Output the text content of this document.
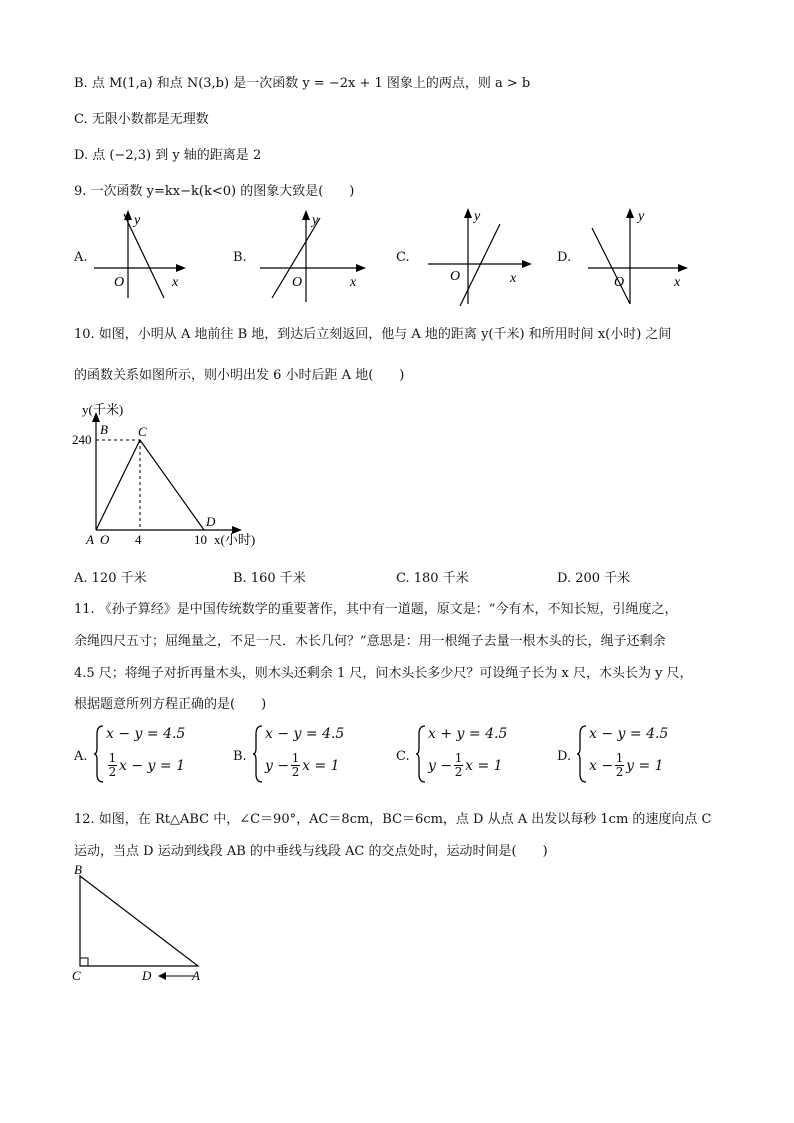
B. 点 M(1,a) 和点 N(3,b) 是一次函数 y = −2x + 1 图象上的两点，则 a > b
C. 无限小数都是无理数
D. 点 (−2,3) 到 y 轴的距离是 2
9. 一次函数 y=kx−k(k<0) 的图象大致是(　　)
A.
y
x
O
B.
y
x
O
C.
y
x
O
D.
y
x
O
10. 如图，小明从 A 地前往 B 地，到达后立刻返回，他与 A 地的距离 y(千米) 和所用时间 x(小时) 之间
的函数关系如图所示，则小明出发 6 小时后距 A 地(　　)
y(千米)
240
B C
D
A O 4	10 x(小时)
A. 120 千米	B. 160 千米	C. 180 千米	D. 200 千米
11. 《孙子算经》是中国传统数学的重要著作，其中有一道题，原文是：“今有木，不知长短，引绳度之，
余绳四尺五寸；屈绳量之，不足一尺．木长几何？”意思是：用一根绳子去量一根木头的长，绳子还剩余
4.5 尺；将绳子对折再量木头，则木头还剩余 1 尺，问木头长多少尺？可设绳子长为 x 尺，木头长为 y 尺，
根据题意所列方程正确的是(　　)
A.
x − y = 4.5
1
2 x − y = 1
B.
x − y = 4.5
y − 1
2 x = 1
C.
x + y = 4.5
y − 1
2 x = 1
D.
x − y = 4.5
x − 1
2 y = 1
12. 如图，在 Rt△ABC 中，∠C＝90°，AC＝8cm，BC＝6cm，点 D 从点 A 出发以每秒 1cm 的速度向点 C
运动，当点 D 运动到线段 AB 的中垂线与线段 AC 的交点处时，运动时间是(　　)
B
C	D	A
